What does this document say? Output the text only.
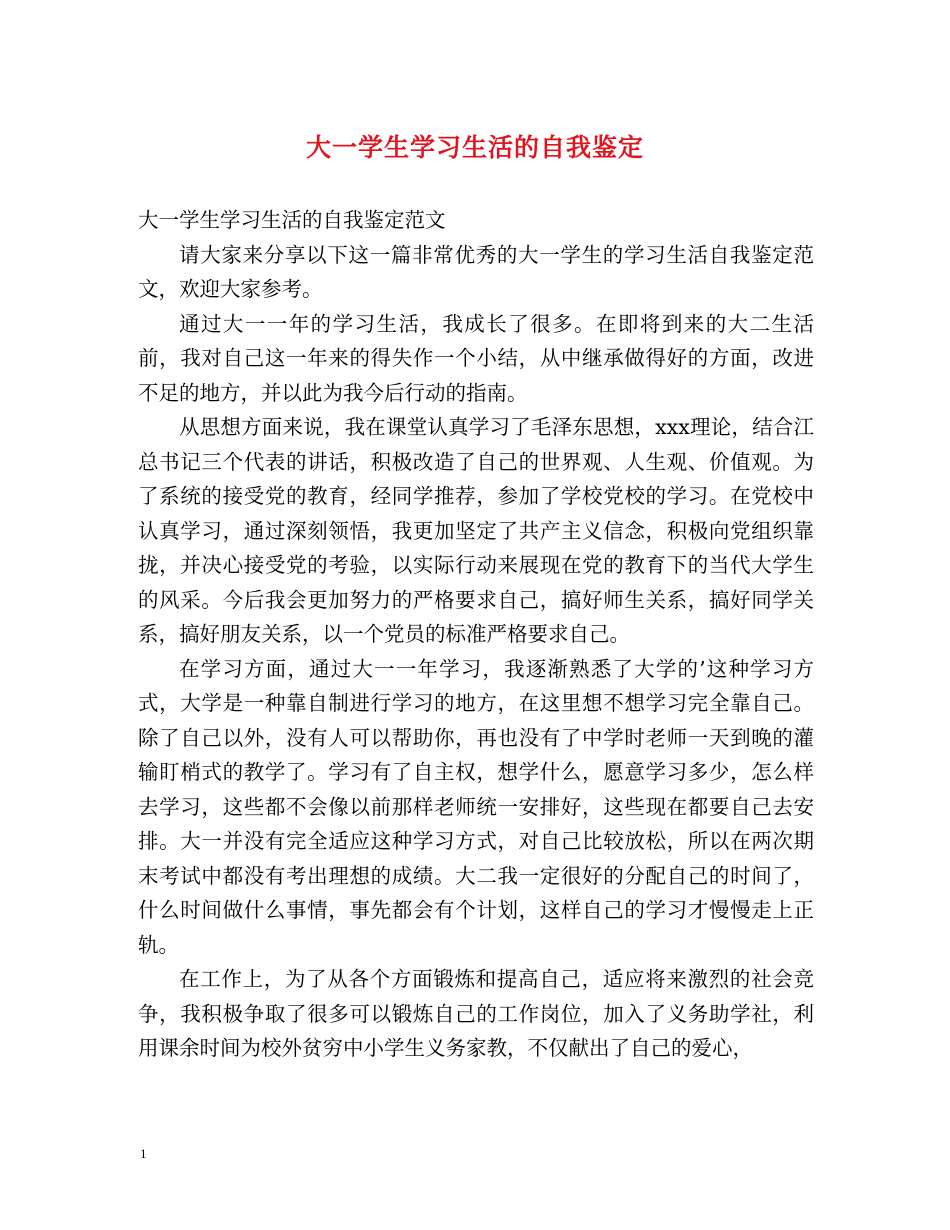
大一学生学习生活的自我鉴定

大一学生学习生活的自我鉴定范文

请大家来分享以下这一篇非常优秀的大一学生的学习生活自我鉴定范文，欢迎大家参考。

通过大一一年的学习生活，我成长了很多。在即将到来的大二生活前，我对自己这一年来的得失作一个小结，从中继承做得好的方面，改进不足的地方，并以此为我今后行动的指南。

从思想方面来说，我在课堂认真学习了毛泽东思想，xxx理论，结合江总书记三个代表的讲话，积极改造了自己的世界观、人生观、价值观。为了系统的接受党的教育，经同学推荐，参加了学校党校的学习。在党校中认真学习，通过深刻领悟，我更加坚定了共产主义信念，积极向党组织靠拢，并决心接受党的考验，以实际行动来展现在党的教育下的当代大学生的风采。今后我会更加努力的严格要求自己，搞好师生关系，搞好同学关系，搞好朋友关系，以一个党员的标准严格要求自己。

在学习方面，通过大一一年学习，我逐渐熟悉了大学的’这种学习方式，大学是一种靠自制进行学习的地方，在这里想不想学习完全靠自己。除了自己以外，没有人可以帮助你，再也没有了中学时老师一天到晚的灌输盯梢式的教学了。学习有了自主权，想学什么，愿意学习多少，怎么样去学习，这些都不会像以前那样老师统一安排好，这些现在都要自己去安排。大一并没有完全适应这种学习方式，对自己比较放松，所以在两次期末考试中都没有考出理想的成绩。大二我一定很好的分配自己的时间了，什么时间做什么事情，事先都会有个计划，这样自己的学习才慢慢走上正轨。

在工作上，为了从各个方面锻炼和提高自己，适应将来激烈的社会竞争，我积极争取了很多可以锻炼自己的工作岗位，加入了义务助学社，利用课余时间为校外贫穷中小学生义务家教，不仅献出了自己的爱心，

1
